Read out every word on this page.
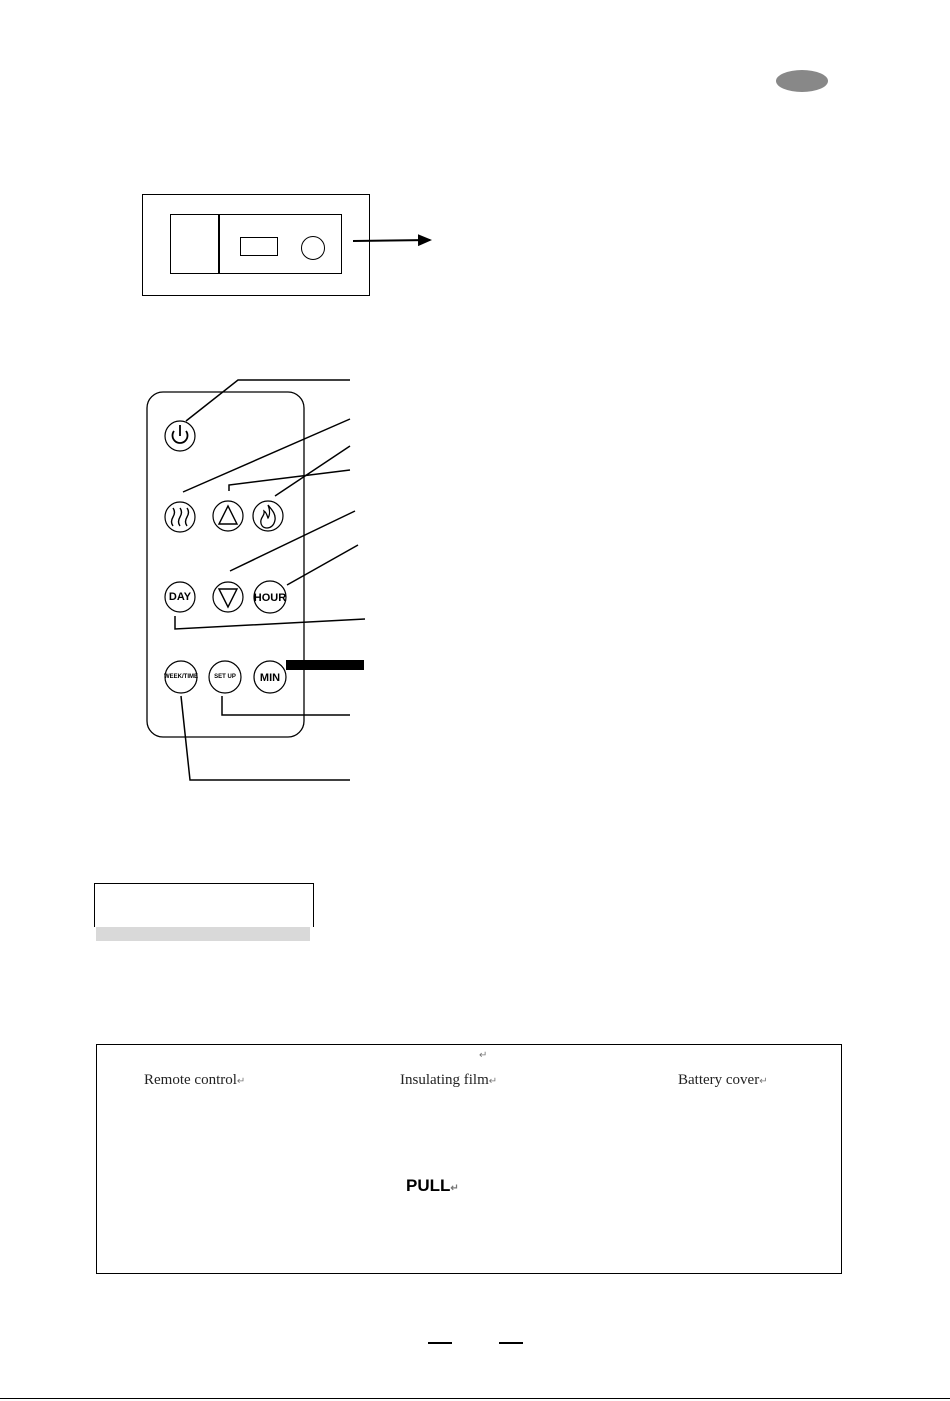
DAY	HOUR
WEEK/TIME	SET UP MIN
↵
Remote control↵	Insulating film↵	Battery cover↵
PULL↵
